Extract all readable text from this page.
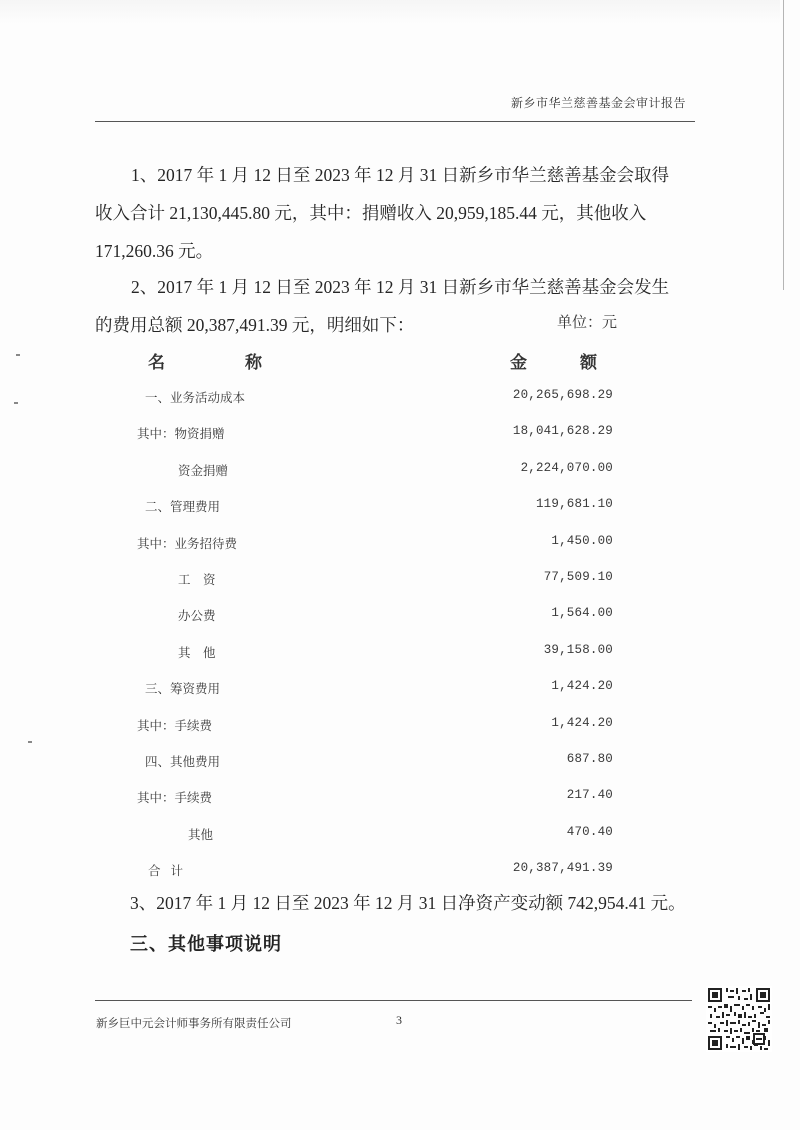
新乡市华兰慈善基金会审计报告
1、2017 年 1 月 12 日至 2023 年 12 月 31 日新乡市华兰慈善基金会取得
收入合计 21,130,445.80 元，其中：捐赠收入 20,959,185.44 元，其他收入
171,260.36 元。
2、2017 年 1 月 12 日至 2023 年 12 月 31 日新乡市华兰慈善基金会发生
的费用总额 20,387,491.39 元，明细如下：	单位：元
名	称	金	额
一、业务活动成本	20,265,698.29
其中：物资捐赠	18,041,628.29
资金捐赠	2,224,070.00
二、管理费用	119,681.10
其中：业务招待费	1,450.00
工　资	77,509.10
办公费	1,564.00
其　他	39,158.00
三、筹资费用	1,424.20
其中：手续费	1,424.20
四、其他费用	687.80
其中：手续费	217.40
其他	470.40
合计	20,387,491.39
3、2017 年 1 月 12 日至 2023 年 12 月 31 日净资产变动额 742,954.41 元。
三、其他事项说明
新乡巨中元会计师事务所有限责任公司	3
